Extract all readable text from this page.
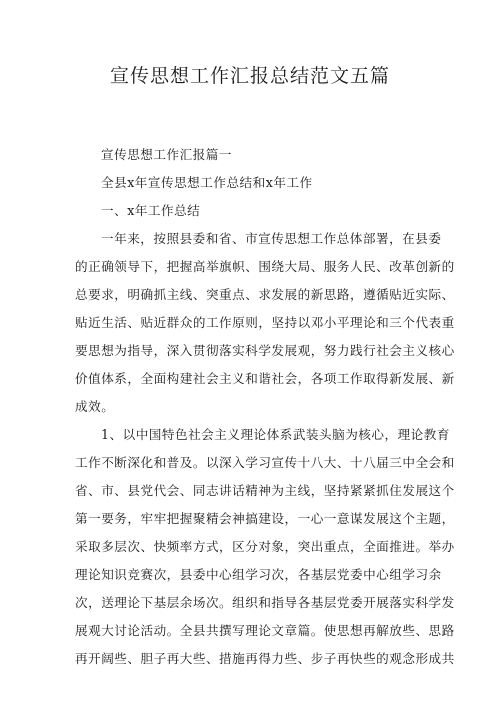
宣传思想工作汇报总结范文五篇

宣传思想工作汇报篇一

全县x年宣传思想工作总结和x年工作

一、x年工作总结

一年来，按照县委和省、市宣传思想工作总体部署，在县委

的正确领导下，把握高举旗帜、围绕大局、服务人民、改革创新的

总要求，明确抓主线、突重点、求发展的新思路，遵循贴近实际、

贴近生活、贴近群众的工作原则，坚持以邓小平理论和三个代表重

要思想为指导，深入贯彻落实科学发展观，努力践行社会主义核心

价值体系，全面构建社会主义和谐社会，各项工作取得新发展、新

成效。

1、以中国特色社会主义理论体系武装头脑为核心，理论教育

工作不断深化和普及。以深入学习宣传十八大、十八届三中全会和

省、市、县党代会、同志讲话精神为主线，坚持紧紧抓住发展这个

第一要务，牢牢把握聚精会神搞建设，一心一意谋发展这个主题，

采取多层次、快频率方式，区分对象，突出重点，全面推进。举办

理论知识竞赛次，县委中心组学习次，各基层党委中心组学习余

次，送理论下基层余场次。组织和指导各基层党委开展落实科学发

展观大讨论活动。全县共撰写理论文章篇。使思想再解放些、思路

再开阔些、胆子再大些、措施再得力些、步子再快些的观念形成共
